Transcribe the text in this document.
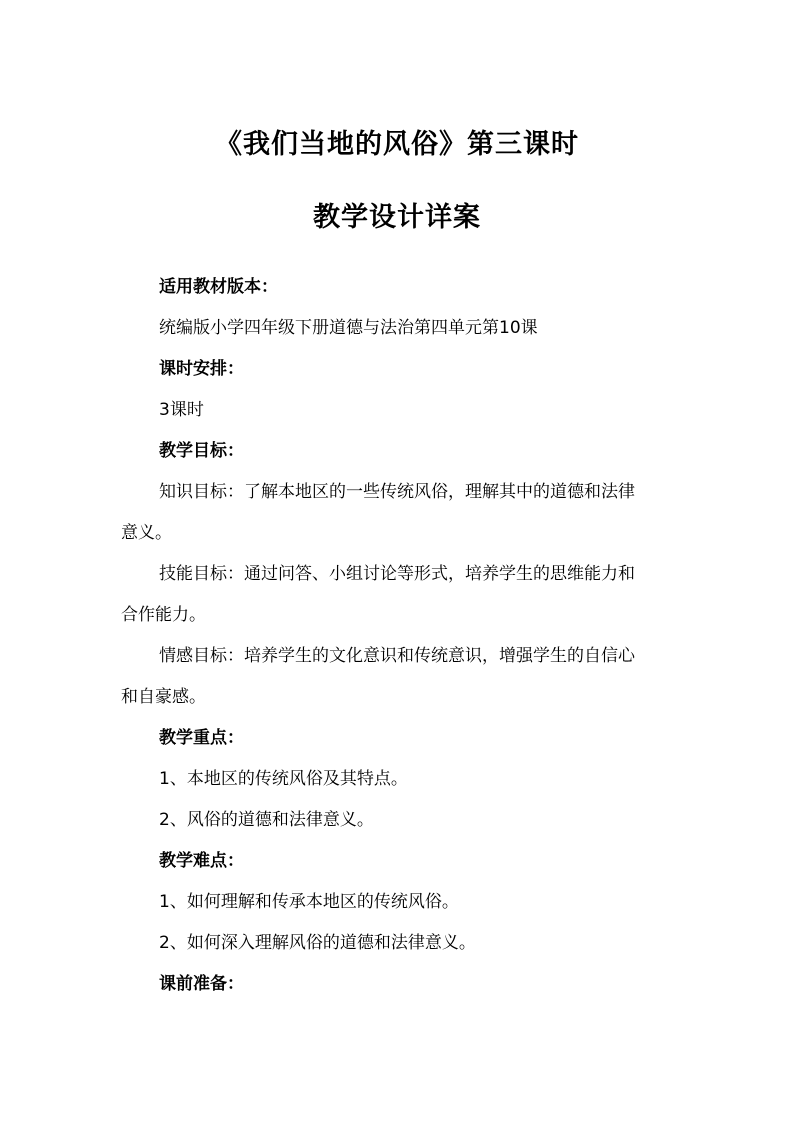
《我们当地的风俗》第三课时
教学设计详案
适用教材版本：
统编版小学四年级下册道德与法治第四单元第10课
课时安排：
3课时
教学目标：
知识目标：了解本地区的一些传统风俗，理解其中的道德和法律
意义。
技能目标：通过问答、小组讨论等形式，培养学生的思维能力和
合作能力。
情感目标：培养学生的文化意识和传统意识，增强学生的自信心
和自豪感。
教学重点：
1、本地区的传统风俗及其特点。
2、风俗的道德和法律意义。
教学难点：
1、如何理解和传承本地区的传统风俗。
2、如何深入理解风俗的道德和法律意义。
课前准备：
